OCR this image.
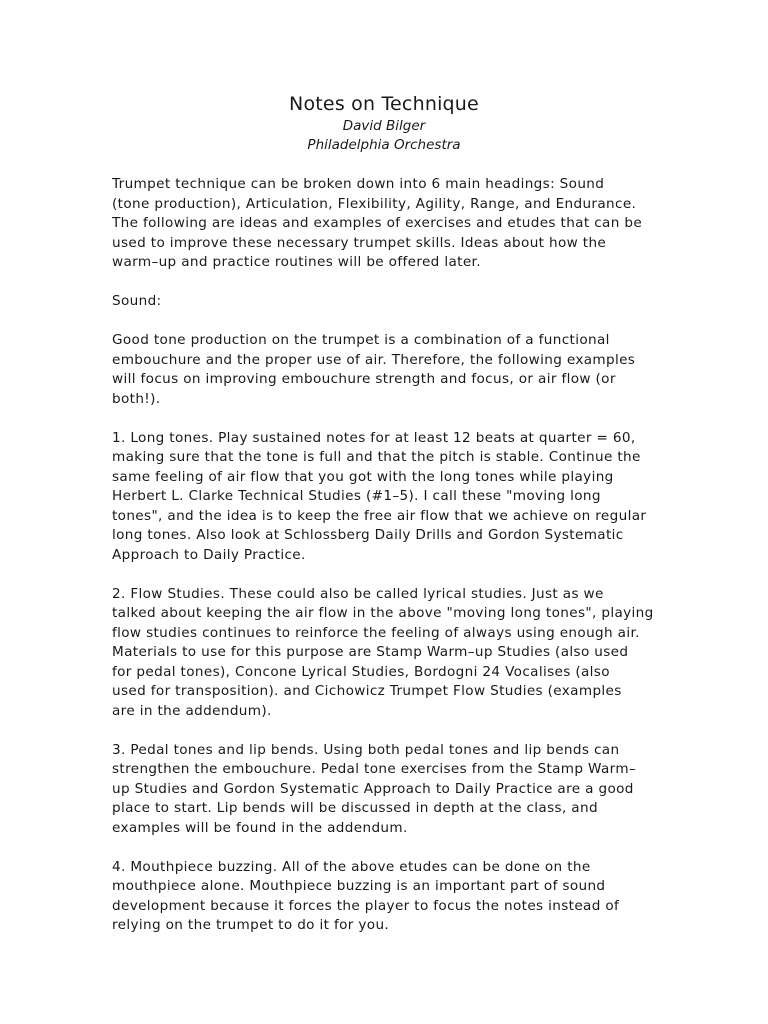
Notes on Technique
David Bilger
Philadelphia Orchestra

Trumpet technique can be broken down into 6 main headings: Sound
(tone production), Articulation, Flexibility, Agility, Range, and Endurance.
The following are ideas and examples of exercises and etudes that can be
used to improve these necessary trumpet skills. Ideas about how the
warm–up and practice routines will be offered later.

Sound:

Good tone production on the trumpet is a combination of a functional
embouchure and the proper use of air. Therefore, the following examples
will focus on improving embouchure strength and focus, or air flow (or
both!).

1. Long tones. Play sustained notes for at least 12 beats at quarter = 60,
making sure that the tone is full and that the pitch is stable. Continue the
same feeling of air flow that you got with the long tones while playing
Herbert L. Clarke Technical Studies (#1–5). I call these "moving long
tones", and the idea is to keep the free air flow that we achieve on regular
long tones. Also look at Schlossberg Daily Drills and Gordon Systematic
Approach to Daily Practice.

2. Flow Studies. These could also be called lyrical studies. Just as we
talked about keeping the air flow in the above "moving long tones", playing
flow studies continues to reinforce the feeling of always using enough air.
Materials to use for this purpose are Stamp Warm–up Studies (also used
for pedal tones), Concone Lyrical Studies, Bordogni 24 Vocalises (also
used for transposition). and Cichowicz Trumpet Flow Studies (examples
are in the addendum).

3. Pedal tones and lip bends. Using both pedal tones and lip bends can
strengthen the embouchure. Pedal tone exercises from the Stamp Warm–
up Studies and Gordon Systematic Approach to Daily Practice are a good
place to start. Lip bends will be discussed in depth at the class, and
examples will be found in the addendum.

4. Mouthpiece buzzing. All of the above etudes can be done on the
mouthpiece alone. Mouthpiece buzzing is an important part of sound
development because it forces the player to focus the notes instead of
relying on the trumpet to do it for you.
